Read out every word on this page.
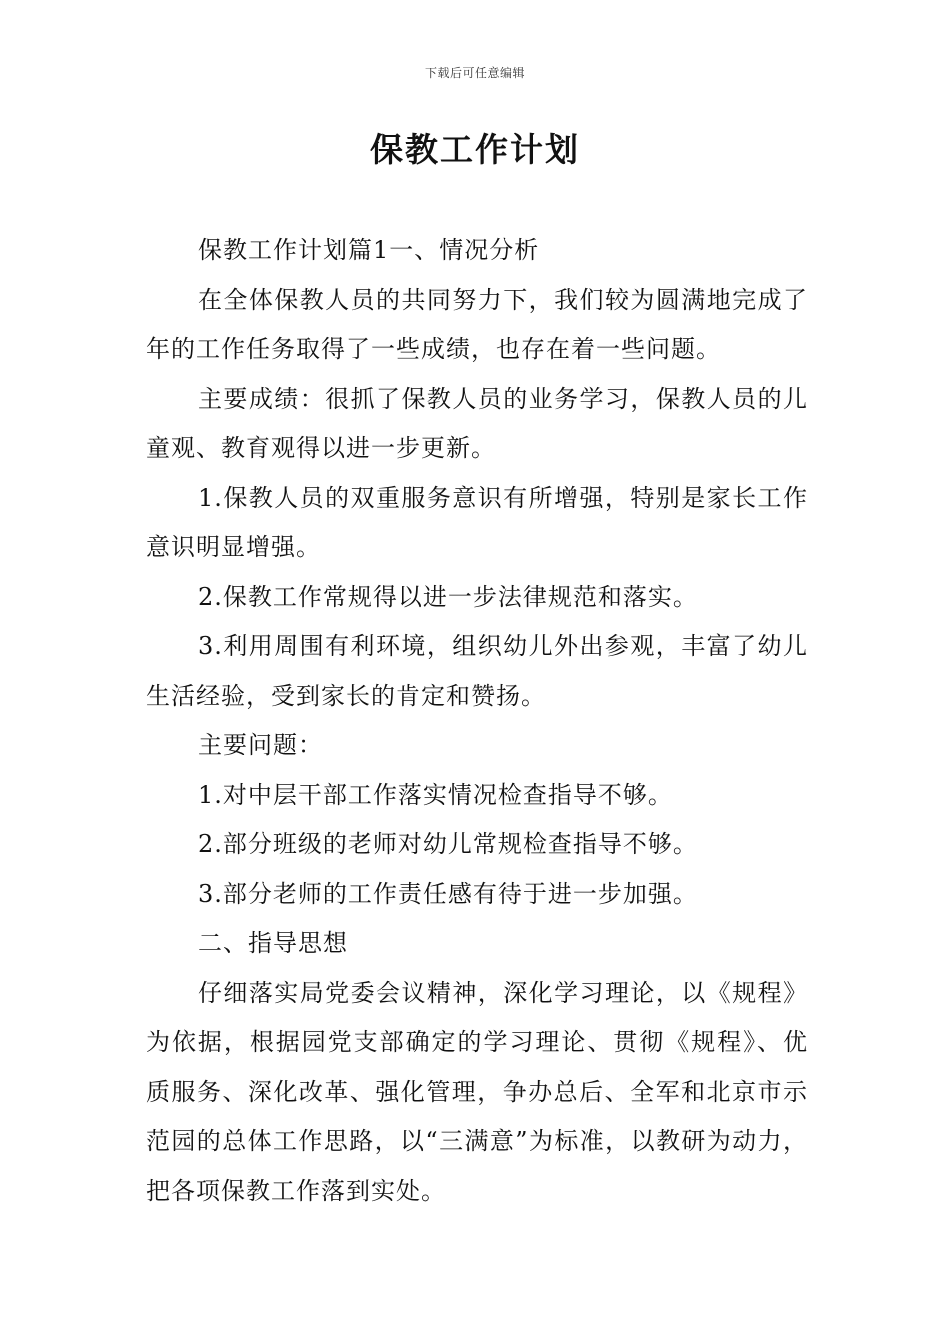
下载后可任意编辑
保教工作计划

保教工作计划篇1一、情况分析

在全体保教人员的共同努力下，我们较为圆满地完成了年的工作任务取得了一些成绩，也存在着一些问题。

主要成绩：很抓了保教人员的业务学习，保教人员的儿童观、教育观得以进一步更新。

1.保教人员的双重服务意识有所增强，特别是家长工作意识明显增强。

2.保教工作常规得以进一步法律规范和落实。

3.利用周围有利环境，组织幼儿外出参观，丰富了幼儿生活经验，受到家长的肯定和赞扬。

主要问题：

1.对中层干部工作落实情况检查指导不够。

2.部分班级的老师对幼儿常规检查指导不够。

3.部分老师的工作责任感有待于进一步加强。

二、指导思想

仔细落实局党委会议精神，深化学习理论，以《规程》为依据，根据园党支部确定的学习理论、贯彻《规程》、优质服务、深化改革、强化管理，争办总后、全军和北京市示范园的总体工作思路，以“三满意”为标准，以教研为动力，把各项保教工作落到实处。
